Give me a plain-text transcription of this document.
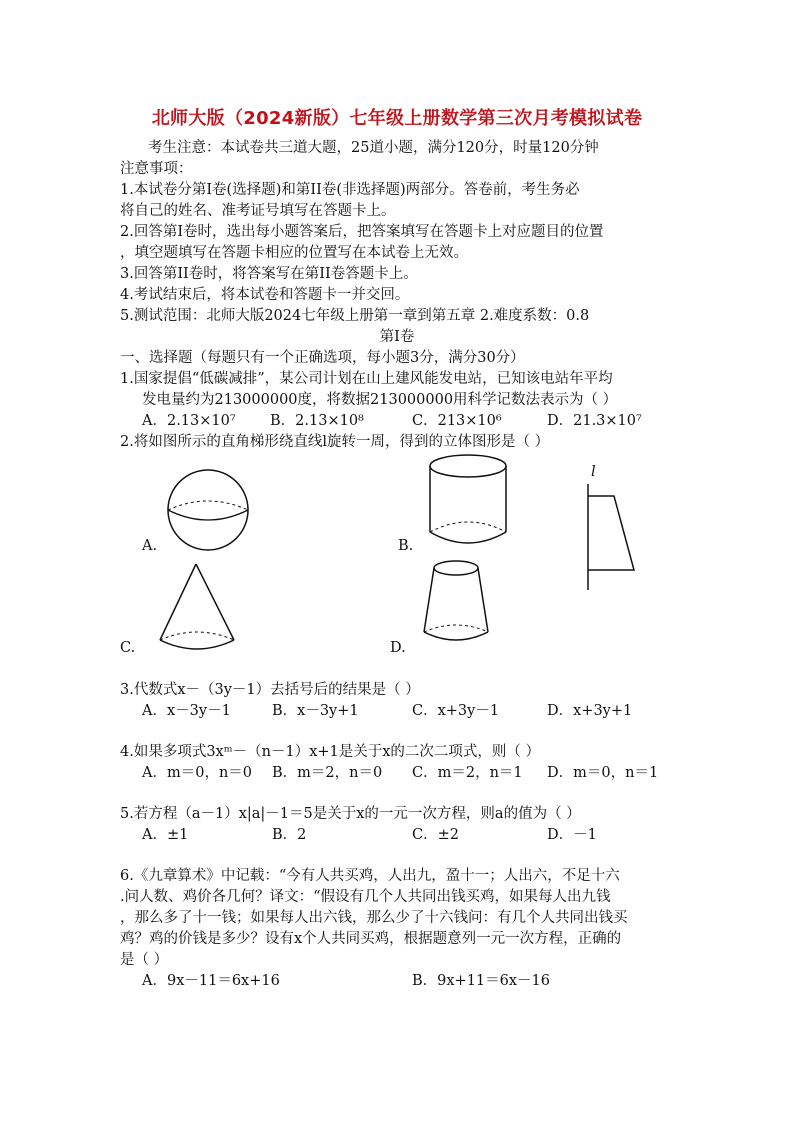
北师大版（2024新版）七年级上册数学第三次月考模拟试卷
考生注意：本试卷共三道大题，25道小题，满分120分，时量120分钟
注意事项：
1.本试卷分第I卷(选择题)和第II卷(非选择题)两部分。答卷前，考生务必
将自己的姓名、准考证号填写在答题卡上。
2.回答第I卷时，选出每小题答案后，把答案填写在答题卡上对应题目的位置
，填空题填写在答题卡相应的位置写在本试卷上无效。
3.回答第II卷时，将答案写在第II卷答题卡上。
4.考试结束后，将本试卷和答题卡一并交回。
5.测试范围：北师大版2024七年级上册第一章到第五章 2.难度系数：0.8
第I卷
一、选择题（每题只有一个正确选项，每小题3分，满分30分）
1.国家提倡“低碳减排”，某公司计划在山上建风能发电站，已知该电站年平均
发电量约为213000000度，将数据213000000用科学记数法表示为（ ）
A．2.13×10⁷ B．2.13×10⁸	C．213×10⁶	D．21.3×10⁷
2.将如图所示的直角梯形绕直线l旋转一周，得到的立体图形是（ ）
A.	B.
l
C.	D.
3.代数式x－（3y－1）去括号后的结果是（ ）
A．x－3y－1	B．x－3y+1	C．x+3y－1	D．x+3y+1
4.如果多项式3xᵐ－（n－1）x+1是关于x的二次二项式，则（ ）
A．m＝0，n＝0 B．m＝2，n＝0 C．m＝2，n＝1 D．m＝0，n＝1
5.若方程（a－1）x|a|－1＝5是关于x的一元一次方程，则a的值为（ ）
A．±1	B．2	C．±2	D．－1
6.《九章算术》中记载：“今有人共买鸡，人出九，盈十一；人出六，不足十六
.问人数、鸡价各几何？译文：“假设有几个人共同出钱买鸡，如果每人出九钱
，那么多了十一钱；如果每人出六钱，那么少了十六钱问：有几个人共同出钱买
鸡？鸡的价钱是多少？设有x个人共同买鸡，根据题意列一元一次方程，正确的
是（ ）
A．9x－11＝6x+16	B．9x+11＝6x－16
